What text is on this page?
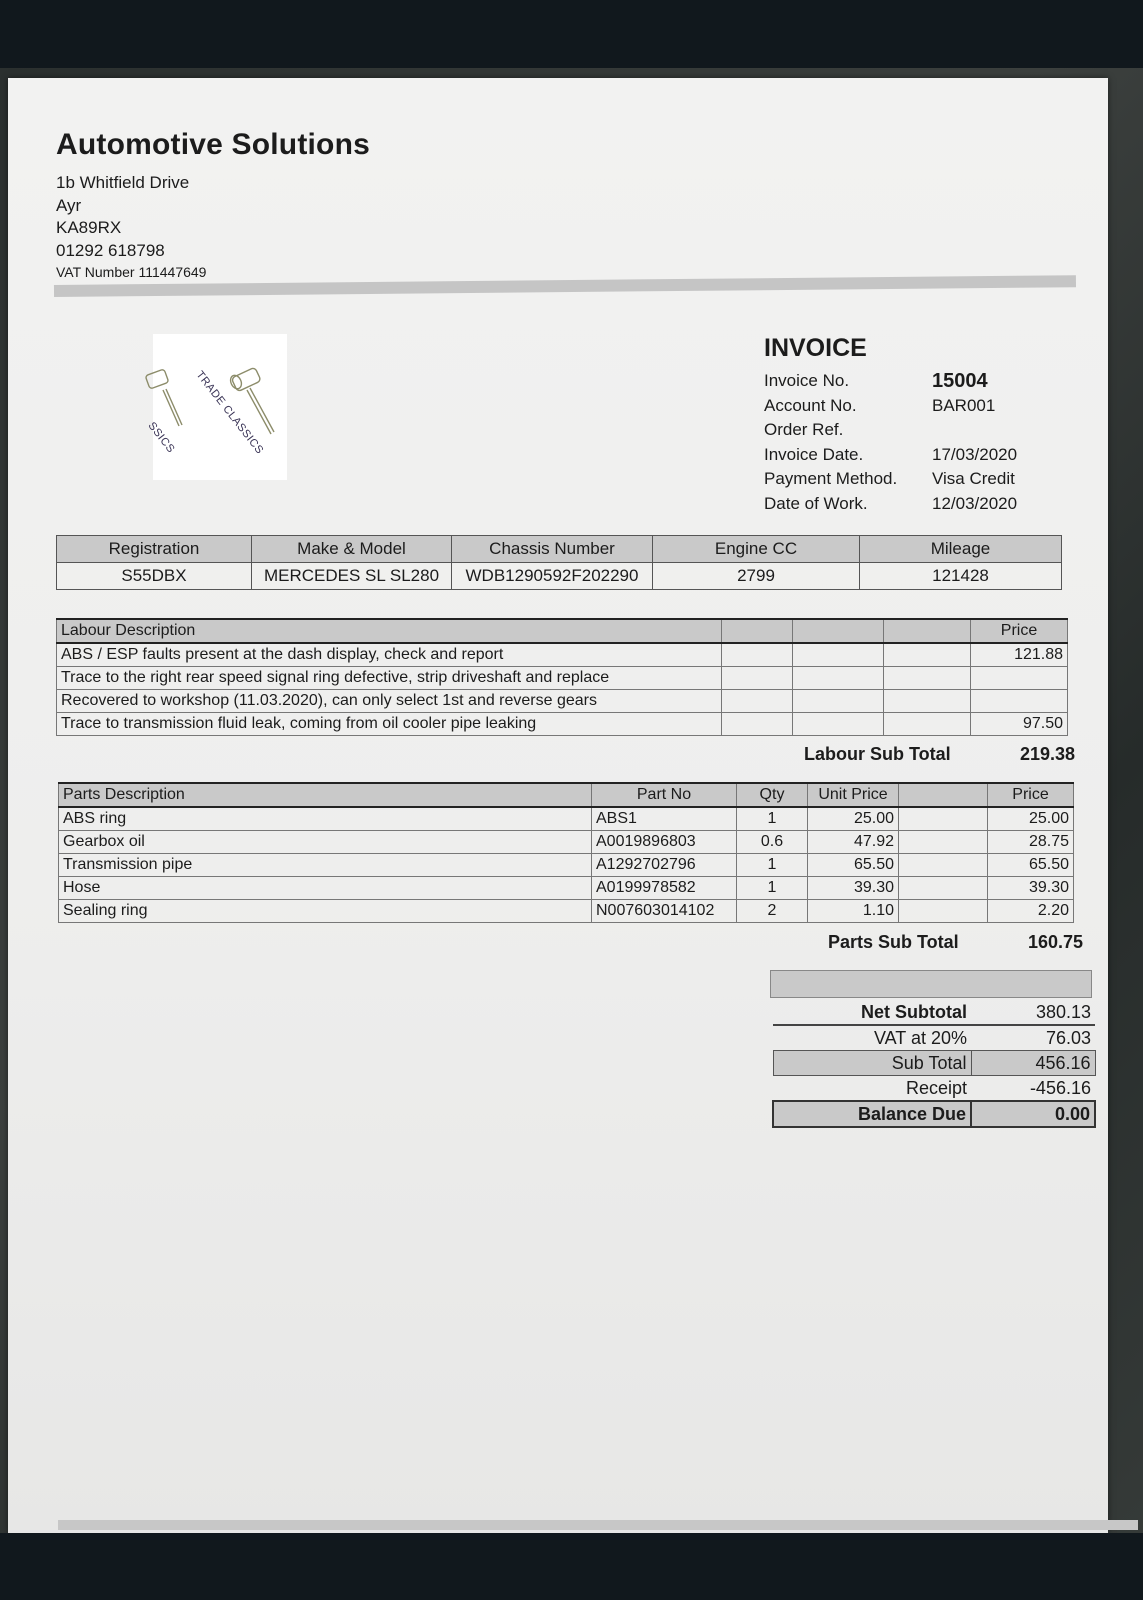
Automotive Solutions
1b Whitfield Drive
Ayr
KA89RX
01292 618798
VAT Number 111447649
TRADE CLASSICS
SSICS
INVOICE
Invoice No.	15004
Account No.	BAR001
Order Ref.
Invoice Date.	17/03/2020
Payment Method.	Visa Credit
Date of Work.	12/03/2020
Registration	Make & Model	Chassis Number	Engine CC	Mileage
S55DBX	MERCEDES SL SL280	WDB1290592F202290	2799	121428
Labour Description				Price
ABS / ESP faults present at the dash display, check and report				121.88
Trace to the right rear speed signal ring defective, strip driveshaft and replace				
Recovered to workshop (11.03.2020), can only select 1st and reverse gears				
Trace to transmission fluid leak, coming from oil cooler pipe leaking				97.50
Labour Sub Total	219.38
Parts Description	Part No	Qty	Unit Price		Price
ABS ring	ABS1	1	25.00		25.00
Gearbox oil	A0019896803	0.6	47.92		28.75
Transmission pipe	A1292702796	1	65.50		65.50
Hose	A0199978582	1	39.30		39.30
Sealing ring	N007603014102	2	1.10		2.20
Parts Sub Total	160.75
Net Subtotal	380.13
VAT at 20%	76.03
Sub Total	456.16
Receipt	-456.16
Balance Due	0.00
